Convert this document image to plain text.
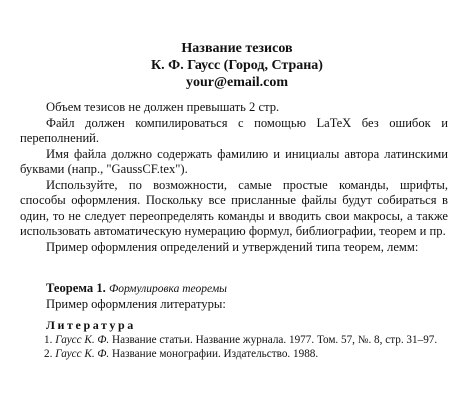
Название тезисов
К. Ф. Гаусс (Город, Страна)
your@email.com

Объем тезисов не должен превышать 2 стр.

Файл должен компилироваться с помощью LaTeX без ошибок и переполнений.

Имя файла должно содержать фамилию и инициалы автора латинскими буквами (напр., "GaussCF.tex").

Используйте, по возможности, самые простые команды, шрифты, способы оформления. Поскольку все присланные файлы будут собираться в один, то не следует переопределять команды и вводить свои макросы, а также использовать автоматическую нумерацию формул, библиографии, теорем и пр.

Пример оформления определений и утверждений типа теорем, лемм:

Теорема 1. Формулировка теоремы
Пример оформления литературы:
Литература

1. Гаусс К. Ф. Название статьи. Название журнала. 1977. Том. 57, №. 8, стр. 31–97.

2. Гаусс К. Ф. Название монографии. Издательство. 1988.
